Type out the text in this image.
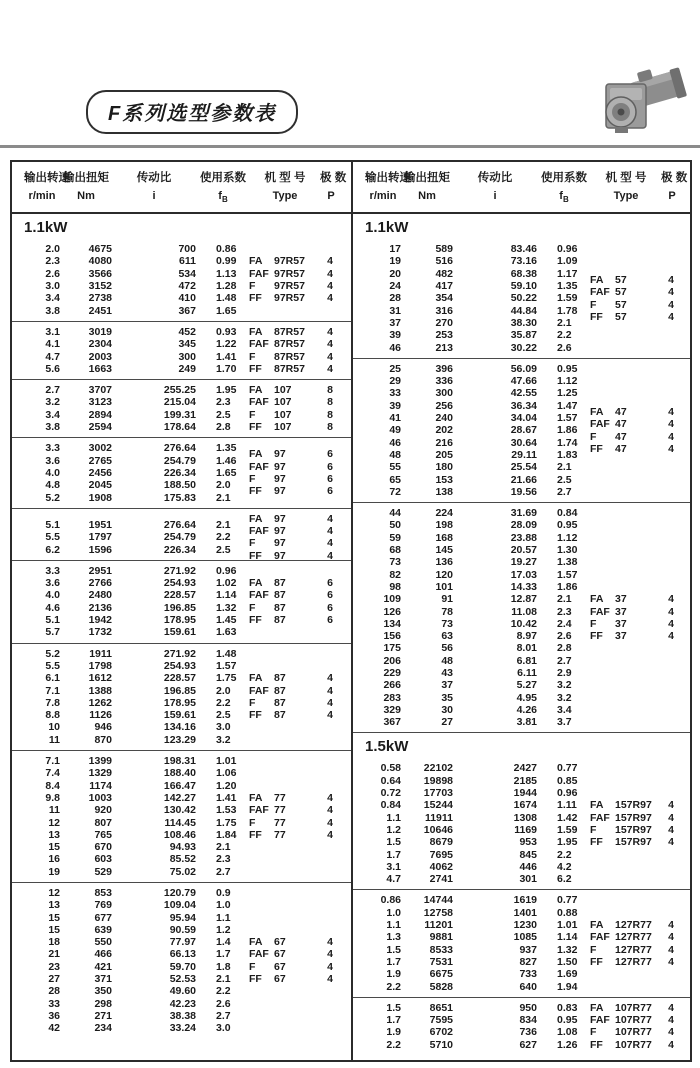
F系列选型参数表
输出转速
输出扭矩	传动比	使用系数	机 型 号	极 数
r/min	Nm	i	$f_B$	Type	P
1.1kW
2.0	4675	700	0.86
2.3	4080	611	0.99
2.6	3566	534	1.13
3.0	3152	472	1.28
3.4	2738	410	1.48
3.8	2451	367	1.65
FA 97R57	4
FAF 97R57	4
F 97R57	4
FF 97R57	4
3.1	3019	452	0.93
4.1	2304	345	1.22
4.7	2003	300	1.41
5.6	1663	249	1.70
FA 87R57	4
FAF 87R57	4
F 87R57	4
FF 87R57	4
2.7	3707	255.25	1.95
3.2	3123	215.04	2.3
3.4	2894	199.31	2.5
3.8	2594	178.64	2.8
FA 107	8
FAF 107	8
F 107	8
FF 107	8
3.3	3002	276.64	1.35
3.6	2765	254.79	1.46
4.0	2456	226.34	1.65
4.8	2045	188.50	2.0
5.2	1908	175.83	2.1
FA 97	6
FAF 97	6
F 97	6
FF 97	6
5.1	1951	276.64	2.1
5.5	1797	254.79	2.2
6.2	1596	226.34	2.5
FA 97	4
FAF 97	4
F 97	4
FF 97	4
3.3	2951	271.92	0.96
3.6	2766	254.93	1.02
4.0	2480	228.57	1.14
4.6	2136	196.85	1.32
5.1	1942	178.95	1.45
5.7	1732	159.61	1.63
FA 87	6
FAF 87	6
F 87	6
FF 87	6
5.2	1911	271.92	1.48
5.5	1798	254.93	1.57
6.1	1612	228.57	1.75
7.1	1388	196.85	2.0
7.8	1262	178.95	2.2
8.8	1126	159.61	2.5
10	946	134.16	3.0
11	870	123.29	3.2
FA 87	4
FAF 87	4
F 87	4
FF 87	4
7.1	1399	198.31	1.01
7.4	1329	188.40	1.06
8.4	1174	166.47	1.20
9.8	1003	142.27	1.41
11	920	130.42	1.53
12	807	114.45	1.75
13	765	108.46	1.84
15	670	94.93	2.1
16	603	85.52	2.3
19	529	75.02	2.7
FA 77	4
FAF 77	4
F 77	4
FF 77	4
12	853	120.79	0.9
13	769	109.04	1.0
15	677	95.94	1.1
15	639	90.59	1.2
18	550	77.97	1.4
21	466	66.13	1.7
23	421	59.70	1.8
27	371	52.53	2.1
28	350	49.60	2.2
33	298	42.23	2.6
36	271	38.38	2.7
42	234	33.24	3.0
FA 67	4
FAF 67	4
F 67	4
FF 67	4
输出转速
输出扭矩	传动比	使用系数	机 型 号	极 数
r/min	Nm	i	$f_B$	Type	P
1.1kW
17	589	83.46	0.96
19	516	73.16	1.09
20	482	68.38	1.17
24	417	59.10	1.35
28	354	50.22	1.59
31	316	44.84	1.78
37	270	38.30	2.1
39	253	35.87	2.2
46	213	30.22	2.6
FA 57	4
FAF 57	4
F 57	4
FF 57	4
25	396	56.09	0.95
29	336	47.66	1.12
33	300	42.55	1.25
39	256	36.34	1.47
41	240	34.04	1.57
49	202	28.67	1.86
46	216	30.64	1.74
48	205	29.11	1.83
55	180	25.54	2.1
65	153	21.66	2.5
72	138	19.56	2.7
FA 47	4
FAF 47	4
F 47	4
FF 47	4
44	224	31.69	0.84
50	198	28.09	0.95
59	168	23.88	1.12
68	145	20.57	1.30
73	136	19.27	1.38
82	120	17.03	1.57
98	101	14.33	1.86
109	91	12.87	2.1
126	78	11.08	2.3
134	73	10.42	2.4
156	63	8.97	2.6
175	56	8.01	2.8
206	48	6.81	2.7
229	43	6.11	2.9
266	37	5.27	3.2
283	35	4.95	3.2
329	30	4.26	3.4
367	27	3.81	3.7
FA 37	4
FAF 37	4
F 37	4
FF 37	4
1.5kW
0.58	22102	2427	0.77
0.64	19898	2185	0.85
0.72	17703	1944	0.96
0.84	15244	1674	1.11
1.1	11911	1308	1.42
1.2	10646	1169	1.59
1.5	8679	953	1.95
1.7	7695	845	2.2
3.1	4062	446	4.2
4.7	2741	301	6.2
FA 157R97	4
FAF 157R97	4
F 157R97	4
FF 157R97	4
0.86	14744	1619	0.77
1.0	12758	1401	0.88
1.1	11201	1230	1.01
1.3	9881	1085	1.14
1.5	8533	937	1.32
1.7	7531	827	1.50
1.9	6675	733	1.69
2.2	5828	640	1.94
FA 127R77	4
FAF 127R77	4
F 127R77	4
FF 127R77	4
1.5	8651	950	0.83
1.7	7595	834	0.95
1.9	6702	736	1.08
2.2	5710	627	1.26
FA 107R77	4
FAF 107R77	4
F 107R77	4
FF 107R77	4
